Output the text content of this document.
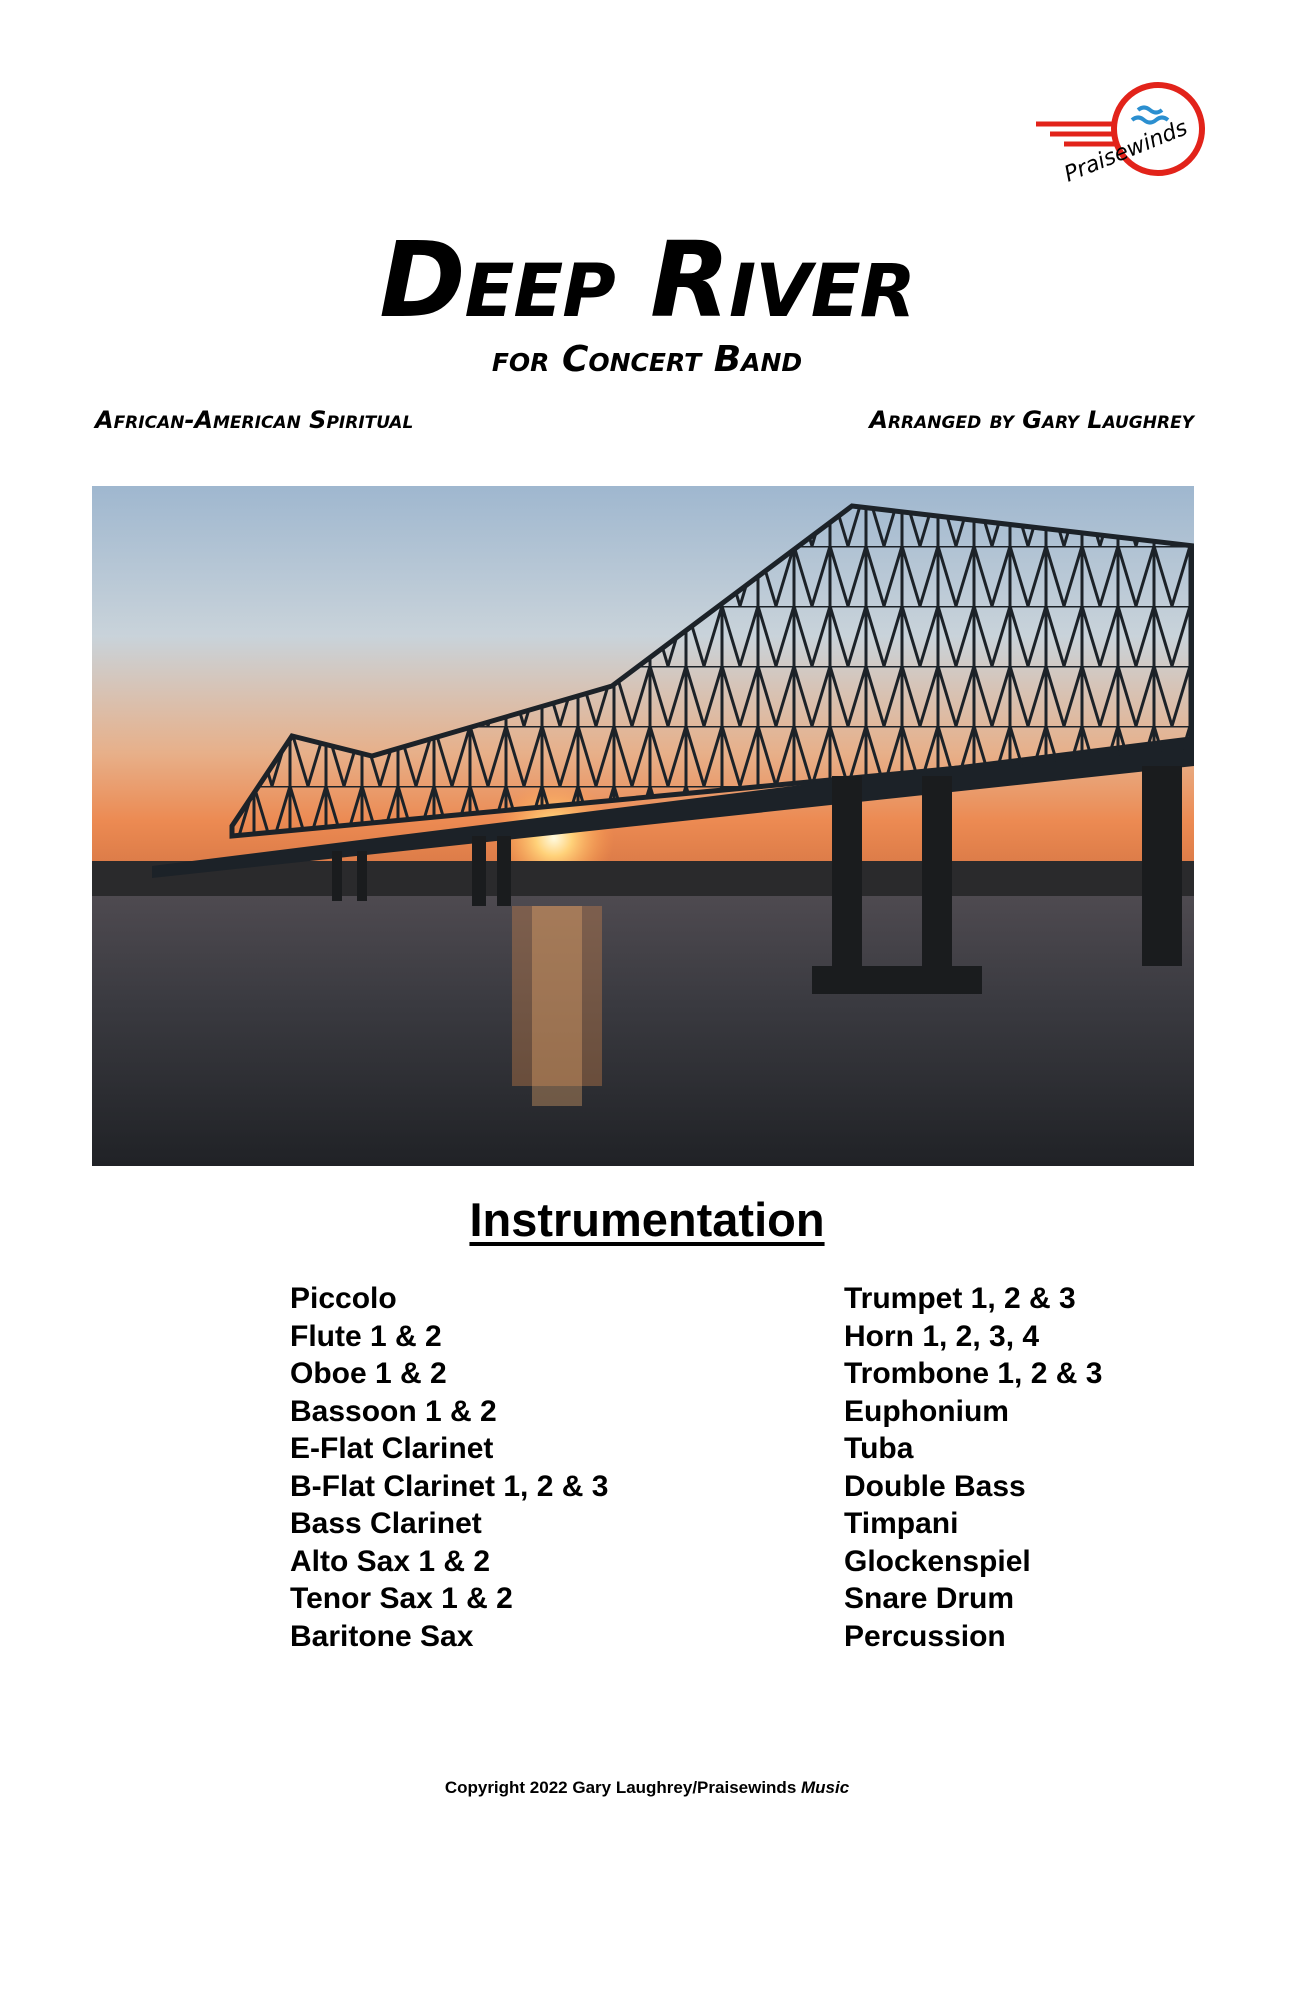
Praisewinds
Deep River
for Concert Band
African-American Spiritual	Arranged by Gary Laughrey
Instrumentation
Piccolo
Flute 1 & 2
Oboe 1 & 2
Bassoon 1 & 2
E-Flat Clarinet
B-Flat Clarinet 1, 2 & 3
Bass Clarinet
Alto Sax 1 & 2
Tenor Sax 1 & 2
Baritone Sax
Trumpet 1, 2 & 3
Horn 1, 2, 3, 4
Trombone 1, 2 & 3
Euphonium
Tuba
Double Bass
Timpani
Glockenspiel
Snare Drum
Percussion
Copyright 2022 Gary Laughrey/Praisewinds Music
